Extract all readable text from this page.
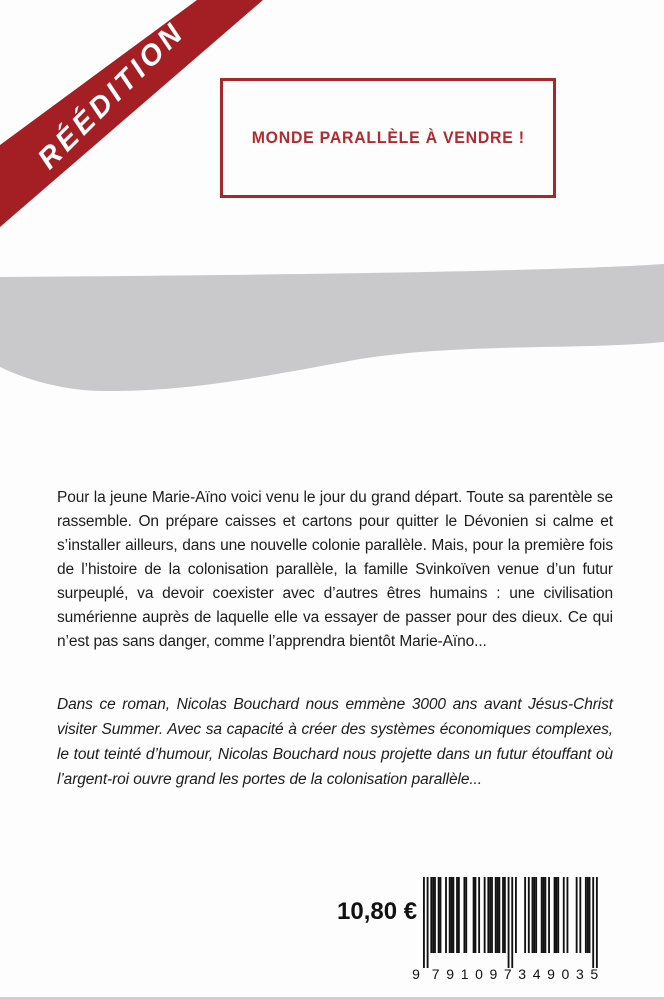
RÉÉDITION	MONDE PARALLÈLE À VENDRE !

Pour la jeune Marie-Aïno voici venu le jour du grand départ. Toute sa parentèle se rassemble. On prépare caisses et cartons pour quitter le Dévonien si calme et s’installer ailleurs, dans une nouvelle colonie parallèle. Mais, pour la première fois de l’histoire de la colonisation parallèle, la famille Svinkoïven venue d’un futur surpeuplé, va devoir coexister avec d’autres êtres humains : une civilisation sumérienne auprès de laquelle elle va essayer de passer pour des dieux. Ce qui n’est pas sans danger, comme l’apprendra bientôt Marie-Aïno...

Dans ce roman, Nicolas Bouchard nous emmène 3000 ans avant Jésus-Christ visiter Summer. Avec sa capacité à créer des systèmes économiques complexes, le tout teinté d’humour, Nicolas Bouchard nous projette dans un futur étouffant où l’argent-roi ouvre grand les portes de la colonisation parallèle...

10,80 €
9 7 9 1 0 9 7 3 4 9 0 3 5
